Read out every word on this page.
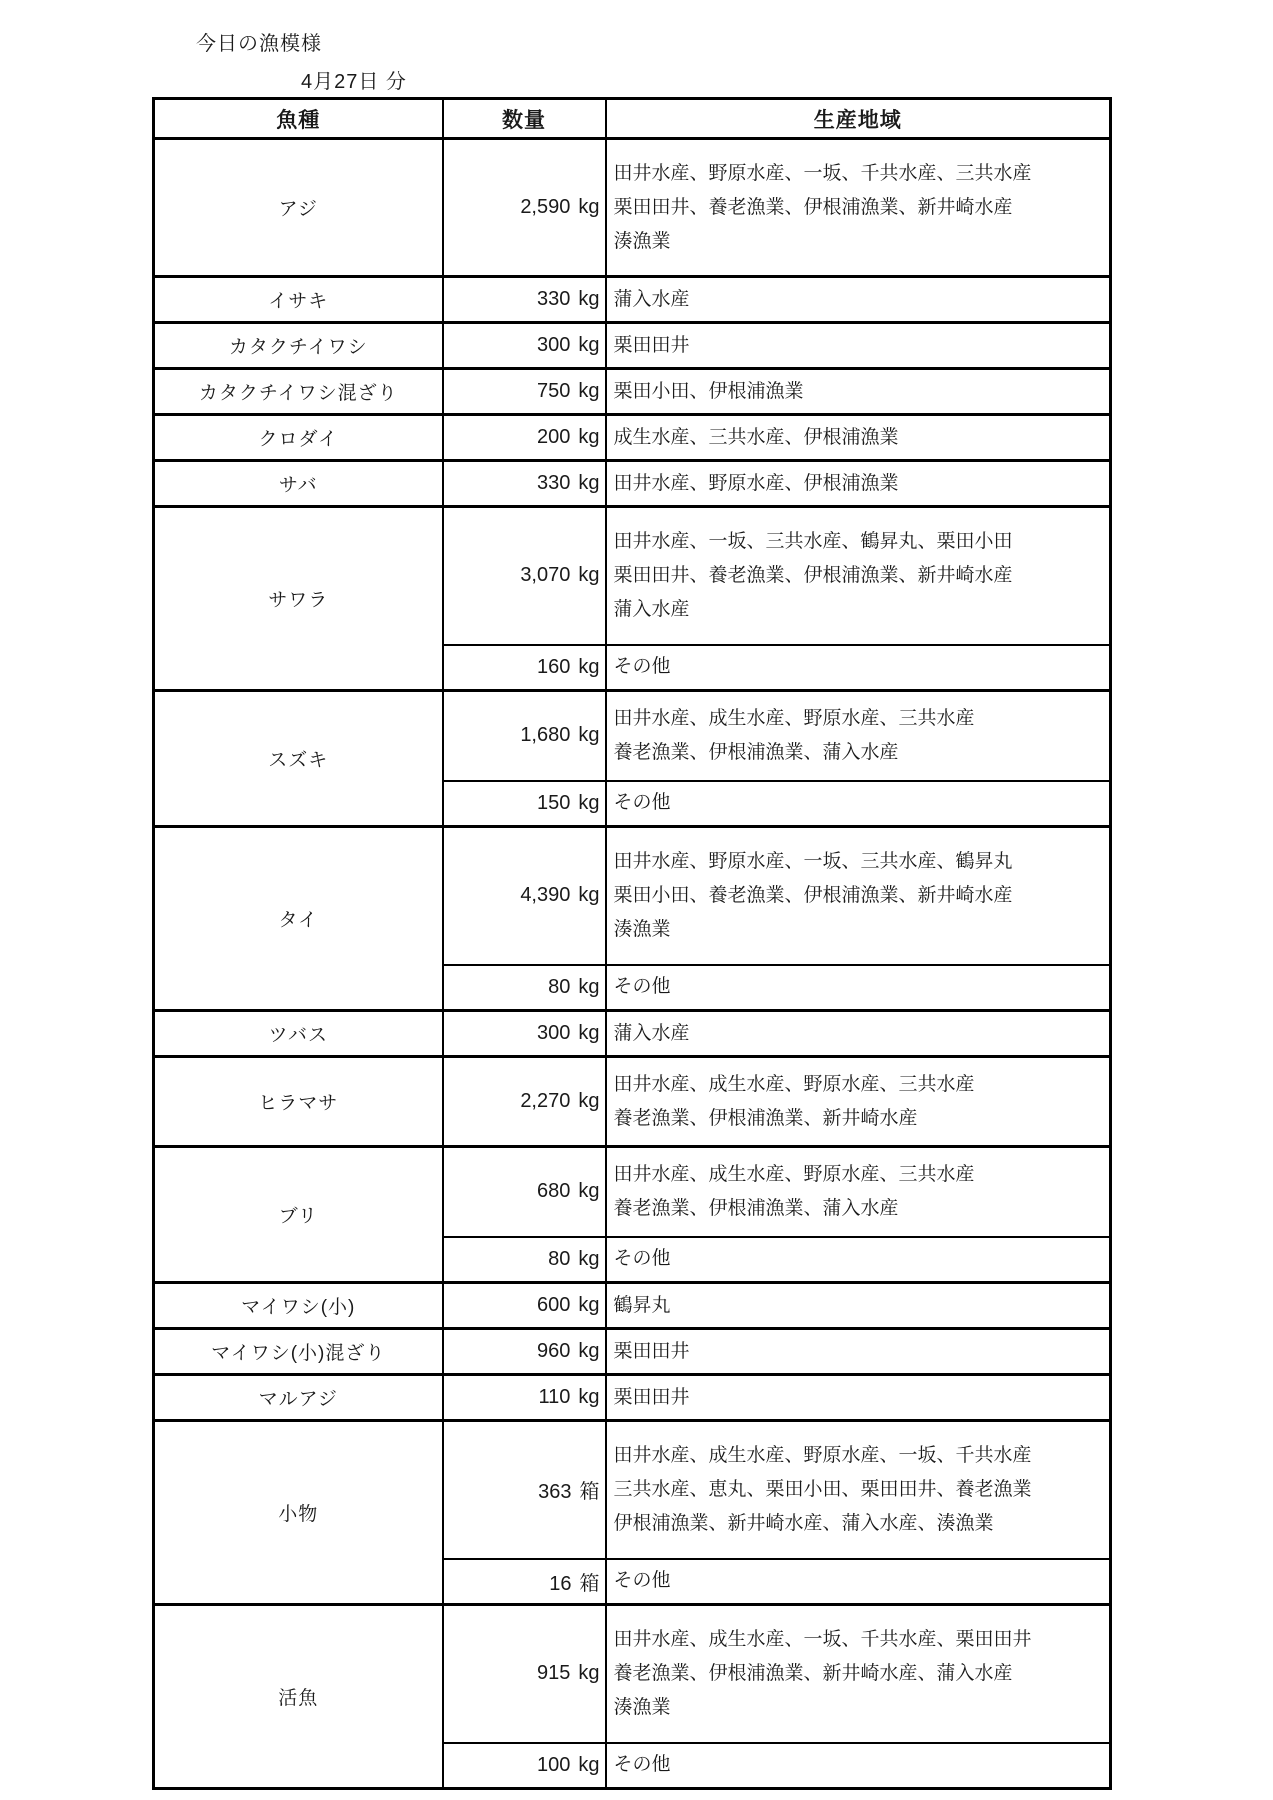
今日の漁模様
4月27日 分
魚種	数量	生産地域
アジ	2,590 kg	田井水産、野原水産、一坂、千共水産、三共水産
栗田田井、養老漁業、伊根浦漁業、新井崎水産
湊漁業

イサキ	330 kg	蒲入水産

カタクチイワシ	300 kg	栗田田井

カタクチイワシ混ざり	750 kg	栗田小田、伊根浦漁業

クロダイ	200 kg	成生水産、三共水産、伊根浦漁業

サバ	330 kg	田井水産、野原水産、伊根浦漁業

サワラ	3,070 kg	田井水産、一坂、三共水産、鶴昇丸、栗田小田
栗田田井、養老漁業、伊根浦漁業、新井崎水産
蒲入水産

	160 kg	その他

スズキ	1,680 kg	田井水産、成生水産、野原水産、三共水産
養老漁業、伊根浦漁業、蒲入水産

	150 kg	その他

タイ	4,390 kg	田井水産、野原水産、一坂、三共水産、鶴昇丸
栗田小田、養老漁業、伊根浦漁業、新井崎水産
湊漁業

	80 kg	その他

ツバス	300 kg	蒲入水産

ヒラマサ	2,270 kg	田井水産、成生水産、野原水産、三共水産
養老漁業、伊根浦漁業、新井崎水産

ブリ	680 kg	田井水産、成生水産、野原水産、三共水産
養老漁業、伊根浦漁業、蒲入水産

	80 kg	その他

マイワシ(小)	600 kg	鶴昇丸

マイワシ(小)混ざり	960 kg	栗田田井

マルアジ	110 kg	栗田田井

小物	363 箱	田井水産、成生水産、野原水産、一坂、千共水産
三共水産、恵丸、栗田小田、栗田田井、養老漁業
伊根浦漁業、新井崎水産、蒲入水産、湊漁業

	16 箱	その他

活魚	915 kg	田井水産、成生水産、一坂、千共水産、栗田田井
養老漁業、伊根浦漁業、新井崎水産、蒲入水産
湊漁業

	100 kg	その他
